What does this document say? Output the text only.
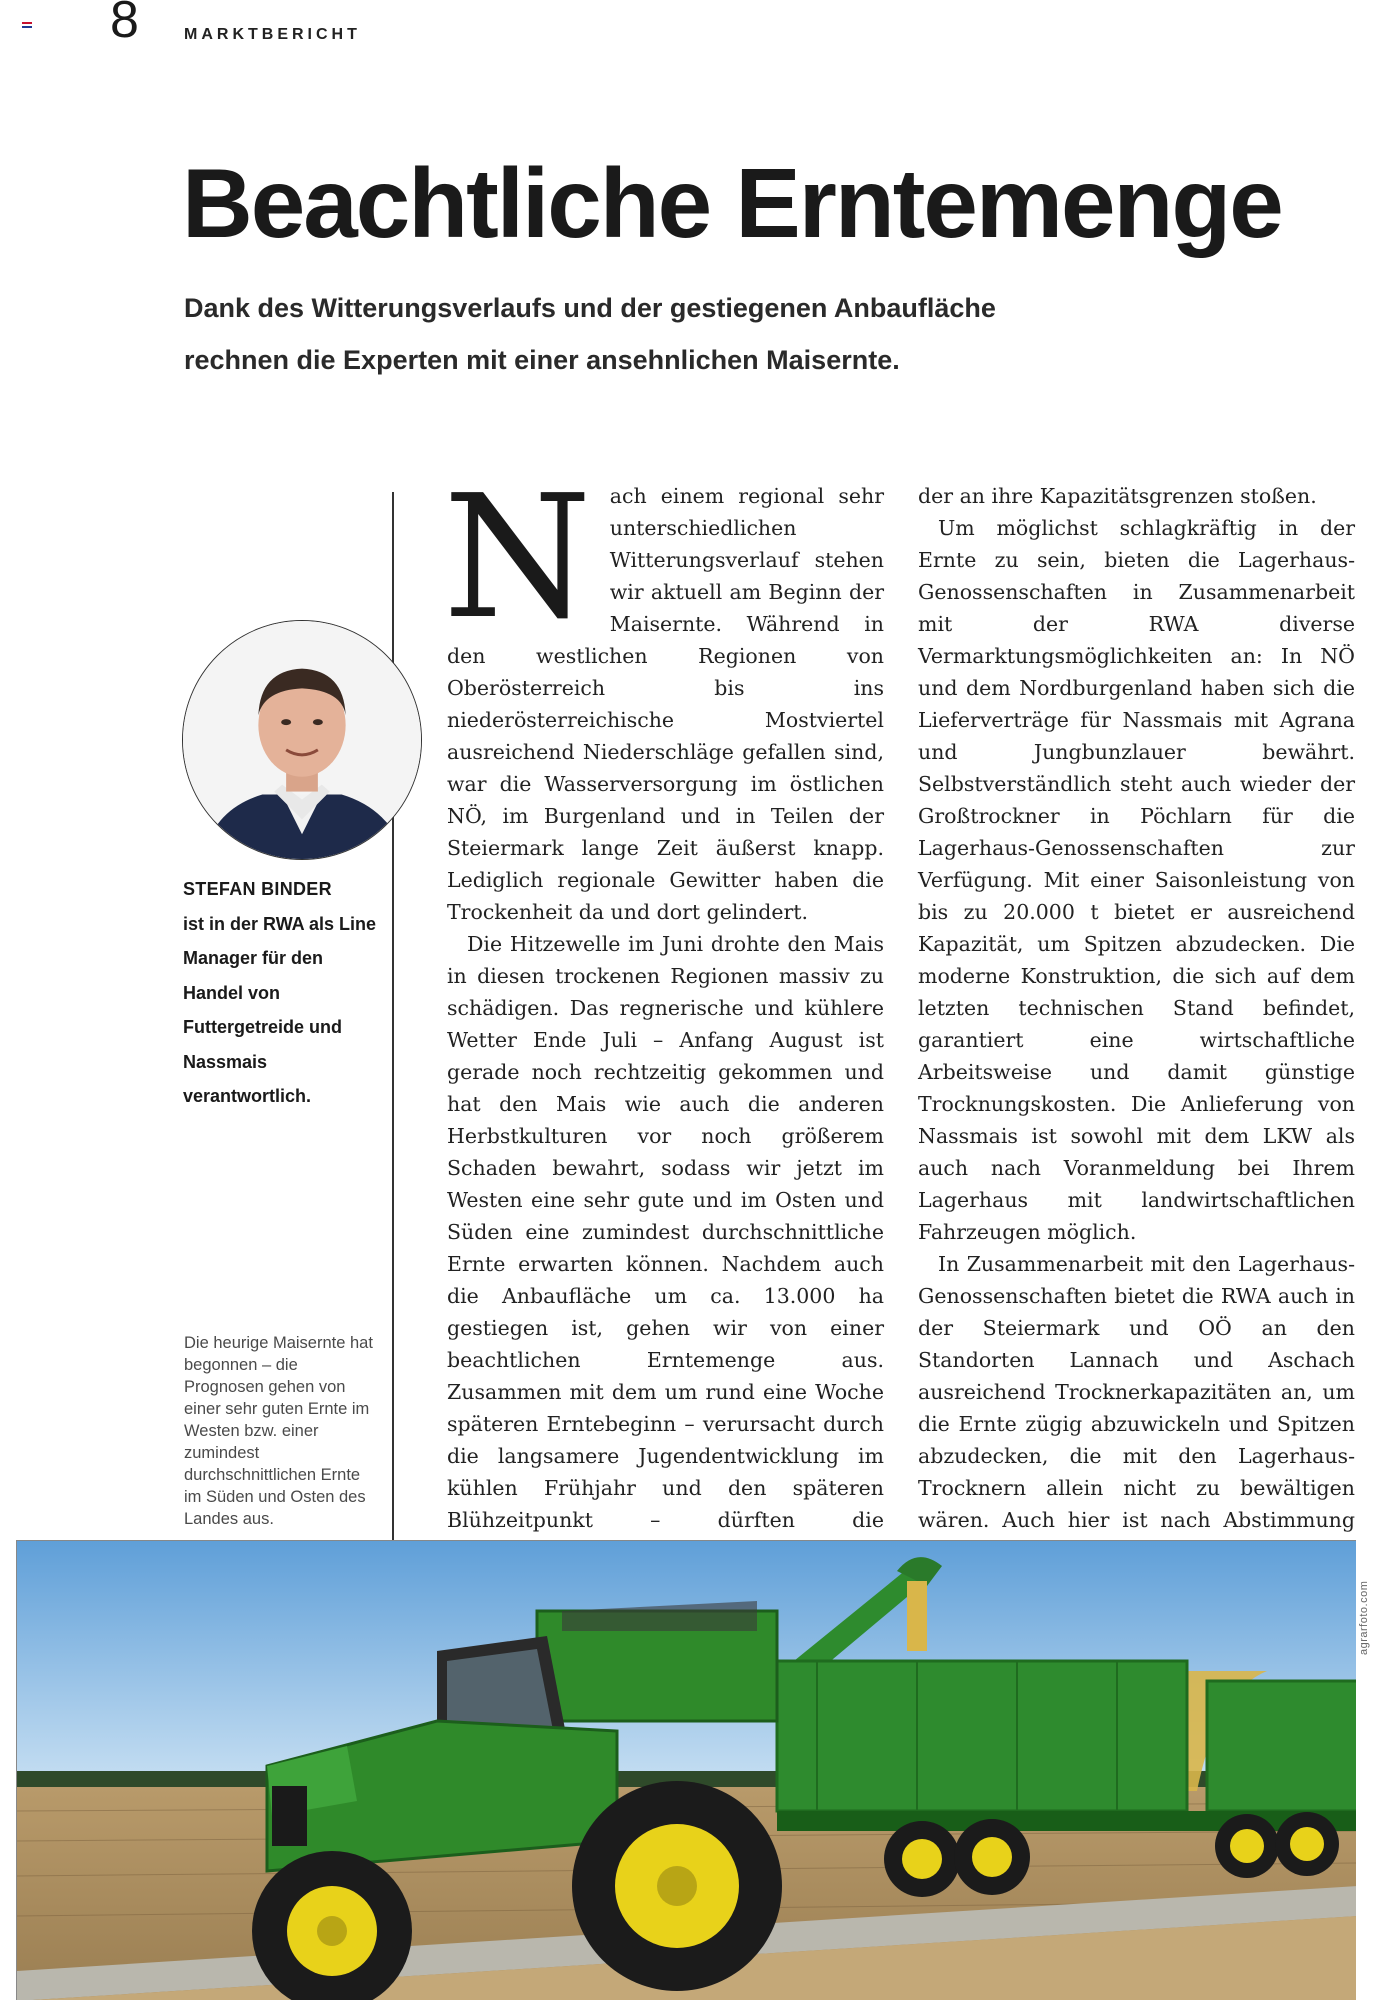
8	MARKTBERICHT
Beachtliche Erntemenge

Dank des Witterungsverlaufs und der gestiegenen Anbaufläche rechnen die Experten mit einer ansehnlichen Maisernte.

STEFAN BINDER
ist in der RWA als Line Manager für den Handel von Futtergetreide und Nassmais verantwortlich.
Die heurige Maisernte hat begonnen – die Prognosen gehen von einer sehr guten Ernte im Westen bzw. einer zumindest durchschnittlichen Ernte im Süden und Osten des Landes aus.
N ach einem regional sehr unterschiedlichen Witterungsverlauf stehen wir aktuell am Beginn der Maisernte. Während in den westlichen Regionen von Oberösterreich bis ins niederösterreichische Mostviertel ausreichend Niederschläge gefallen sind, war die Wasserversorgung im östlichen NÖ, im Burgenland und in Teilen der Steiermark lange Zeit äußerst knapp. Lediglich regionale Gewitter haben die Trockenheit da und dort gelindert.

Die Hitzewelle im Juni drohte den Mais in diesen trockenen Regionen massiv zu schädigen. Das regnerische und kühlere Wetter Ende Juli – Anfang August ist gerade noch rechtzeitig gekommen und hat den Mais wie auch die anderen Herbstkulturen vor noch größerem Schaden bewahrt, sodass wir jetzt im Westen eine sehr gute und im Osten und Süden eine zumindest durchschnittliche Ernte erwarten können. Nachdem auch die Anbaufläche um ca. 13.000 ha gestiegen ist, gehen wir von einer beachtlichen Erntemenge aus. Zusammen mit dem um rund eine Woche späteren Erntebeginn – verursacht durch die langsamere Jugendentwicklung im kühlen Frühjahr und den späteren Blühzeitpunkt – dürften die

der an ihre Kapazitätsgrenzen stoßen.

Um möglichst schlagkräftig in der Ernte zu sein, bieten die Lagerhaus-Genossenschaften in Zusammenarbeit mit der RWA diverse Vermarktungsmöglichkeiten an: In NÖ und dem Nordburgenland haben sich die Lieferverträge für Nassmais mit Agrana und Jungbunzlauer bewährt. Selbstverständlich steht auch wieder der Großtrockner in Pöchlarn für die Lagerhaus-Genossenschaften zur Verfügung. Mit einer Saisonleistung von bis zu 20.000 t bietet er ausreichend Kapazität, um Spitzen abzudecken. Die moderne Konstruktion, die sich auf dem letzten technischen Stand befindet, garantiert eine wirtschaftliche Arbeitsweise und damit günstige Trocknungskosten. Die Anlieferung von Nassmais ist sowohl mit dem LKW als auch nach Voranmeldung bei Ihrem Lagerhaus mit landwirtschaftlichen Fahrzeugen möglich.

In Zusammenarbeit mit den Lagerhaus-Genossenschaften bietet die RWA auch in der Steiermark und OÖ an den Standorten Lannach und Aschach ausreichend Trocknerkapazitäten an, um die Ernte zügig abzuwickeln und Spitzen abzudecken, die mit den Lagerhaus-Trocknern allein nicht zu bewältigen wären. Auch hier ist nach Abstimmung

agrarfoto.com
